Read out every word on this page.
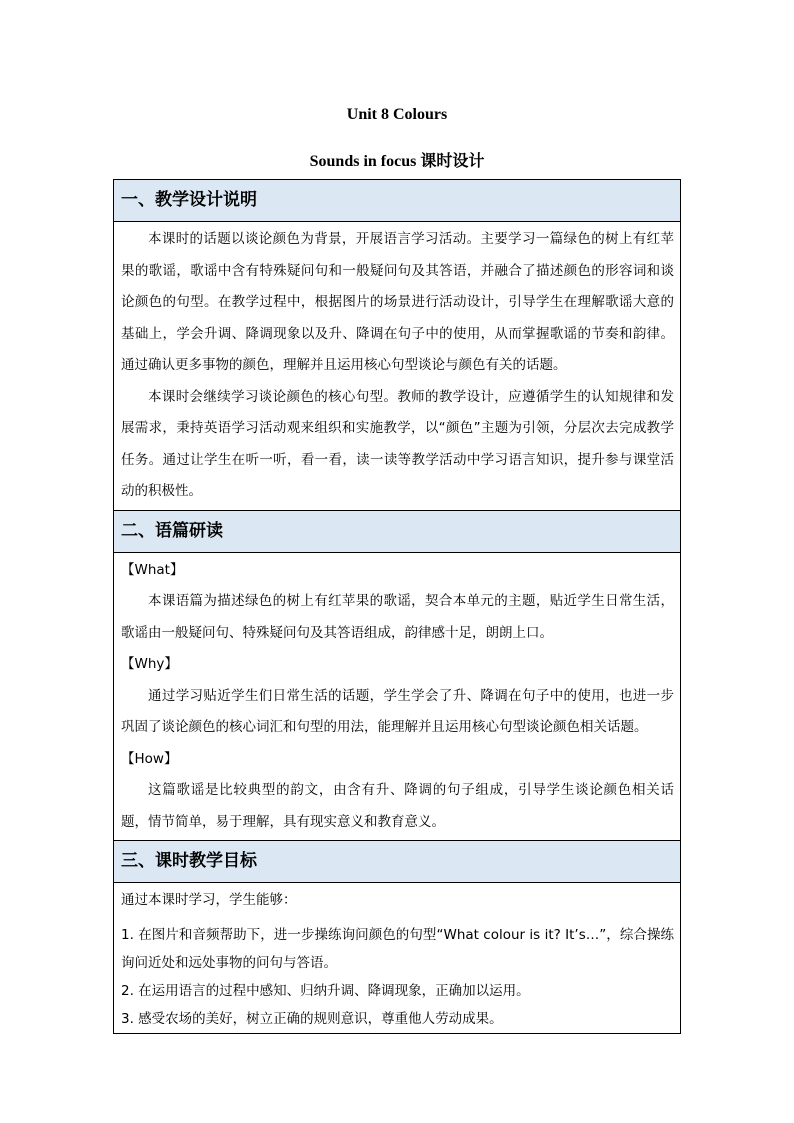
Unit 8 Colours
Sounds in focus 课时设计
一、教学设计说明

本课时的话题以谈论颜色为背景，开展语言学习活动。主要学习一篇绿色的树上有红苹果的歌谣，歌谣中含有特殊疑问句和一般疑问句及其答语，并融合了描述颜色的形容词和谈论颜色的句型。在教学过程中，根据图片的场景进行活动设计，引导学生在理解歌谣大意的基础上，学会升调、降调现象以及升、降调在句子中的使用，从而掌握歌谣的节奏和韵律。通过确认更多事物的颜色，理解并且运用核心句型谈论与颜色有关的话题。

本课时会继续学习谈论颜色的核心句型。教师的教学设计，应遵循学生的认知规律和发展需求，秉持英语学习活动观来组织和实施教学，以“颜色”主题为引领，分层次去完成教学任务。通过让学生在听一听，看一看，读一读等教学活动中学习语言知识，提升参与课堂活动的积极性。

二、语篇研读

【What】

本课语篇为描述绿色的树上有红苹果的歌谣，契合本单元的主题，贴近学生日常生活，歌谣由一般疑问句、特殊疑问句及其答语组成，韵律感十足，朗朗上口。

【Why】

通过学习贴近学生们日常生活的话题，学生学会了升、降调在句子中的使用，也进一步巩固了谈论颜色的核心词汇和句型的用法，能理解并且运用核心句型谈论颜色相关话题。

【How】

这篇歌谣是比较典型的韵文，由含有升、降调的句子组成，引导学生谈论颜色相关话题，情节简单，易于理解，具有现实意义和教育意义。

三、课时教学目标

通过本课时学习，学生能够：

1. 在图片和音频帮助下，进一步操练询问颜色的句型“What colour is it? It’s…”，综合操练询问近处和远处事物的问句与答语。

2. 在运用语言的过程中感知、归纳升调、降调现象，正确加以运用。

3. 感受农场的美好，树立正确的规则意识，尊重他人劳动成果。
